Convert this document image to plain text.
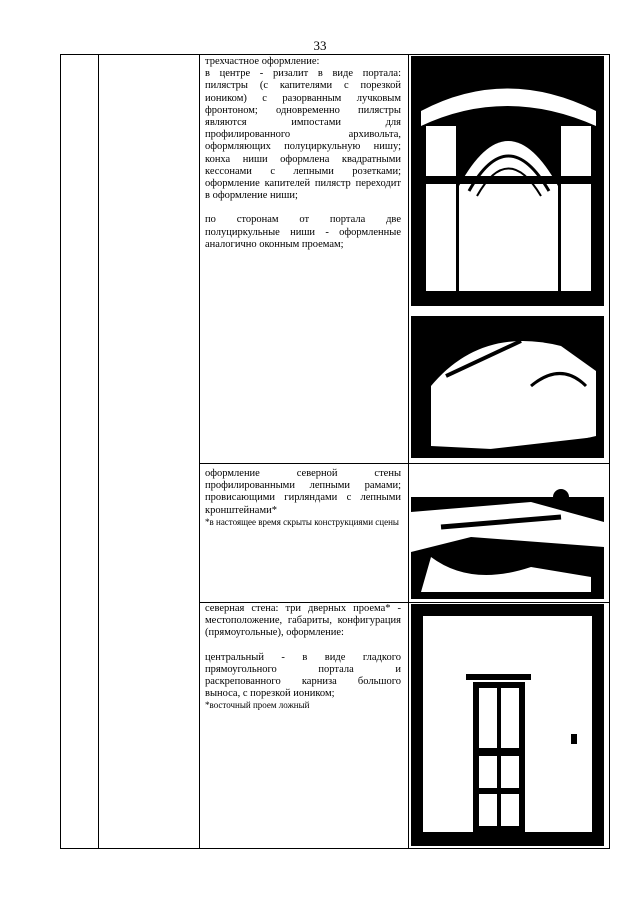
33

трехчастное оформление:

в центре - ризалит в виде портала: пилястры (с капителями с порезкой иоником) с разорванным лучковым фронтоном; одновременно пилястры являются импостами для профилированного архивольта, оформляющих полуциркульную нишу; конха ниши оформлена квадратными кессонами с лепными розетками; оформление капителей пилястр переходит в оформление ниши;

по сторонам от портала две полуциркульные ниши - оформленные аналогично оконным проемам;

оформление северной стены профилированными лепными рамами; провисающими гирляндами с лепными кронштейнами*

*в настоящее время скрыты конструкциями сцены

северная стена: три дверных проема* - местоположение, габариты, конфигурация (прямоугольные), оформление:

центральный - в виде гладкого прямоугольного портала и раскрепованного карниза большого выноса, с порезкой иоником;

*восточный проем ложный
